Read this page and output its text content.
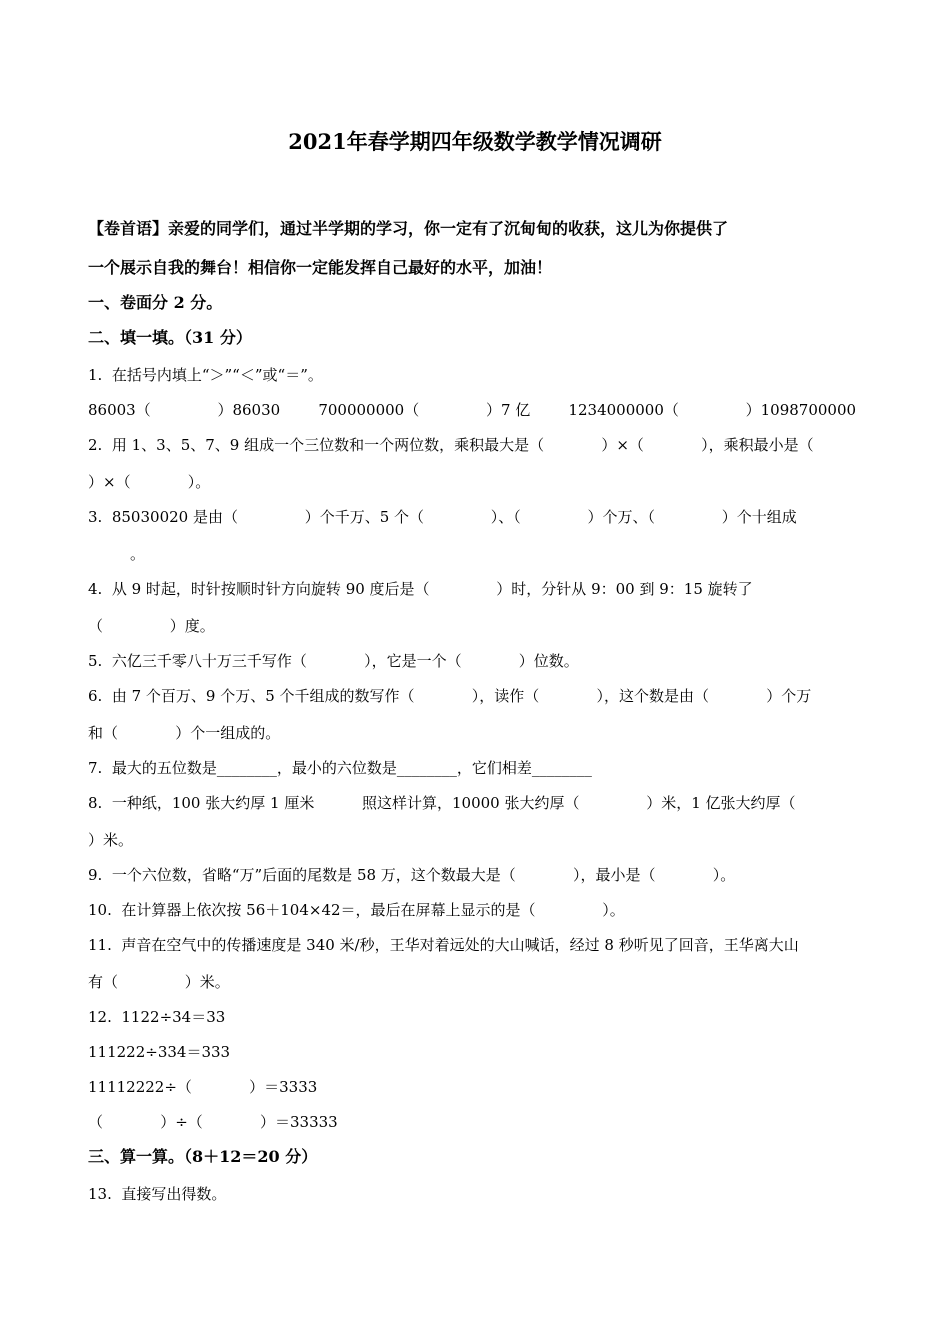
2021年春学期四年级数学教学情况调研
【卷首语】亲爱的同学们，通过半学期的学习，你一定有了沉甸甸的收获，这儿为你提供了
一个展示自我的舞台！相信你一定能发挥自己最好的水平，加油！
一、卷面分 2 分。
二、填一填。（31 分）
1.  在括号内填上“＞”“＜”或“＝”。
86003（              ）86030        700000000（              ）7 亿        1234000000（              ）1098700000
2.  用 1、3、5、7、9 组成一个三位数和一个两位数，乘积最大是（            ）×（            ），乘积最小是（
）×（            ）。
3.  85030020 是由（              ）个千万、5 个（              ）、（              ）个万、（              ）个十组成
。
4.  从 9 时起，时针按顺时针方向旋转 90 度后是（              ）时，分针从 9：00 到 9：15 旋转了
（              ）度。
5.  六亿三千零八十万三千写作（            ），它是一个（            ）位数。
6.  由 7 个百万、9 个万、5 个千组成的数写作（            ），读作（            ），这个数是由（            ）个万
和（            ）个一组成的。
7.  最大的五位数是________，最小的六位数是________，它们相差________
8.  一种纸，100 张大约厚 1 厘米          照这样计算，10000 张大约厚（              ）米，1 亿张大约厚（
）米。
9.  一个六位数，省略“万”后面的尾数是 58 万，这个数最大是（            ），最小是（            ）。
10.  在计算器上依次按 56＋104×42＝，最后在屏幕上显示的是（              ）。
11.  声音在空气中的传播速度是 340 米/秒，王华对着远处的大山喊话，经过 8 秒听见了回音，王华离大山
有（              ）米。
12.  1122÷34＝33
111222÷334＝333
11112222÷（            ）＝3333
（            ）÷（            ）＝33333
三、算一算。（8＋12＝20 分）
13.  直接写出得数。
